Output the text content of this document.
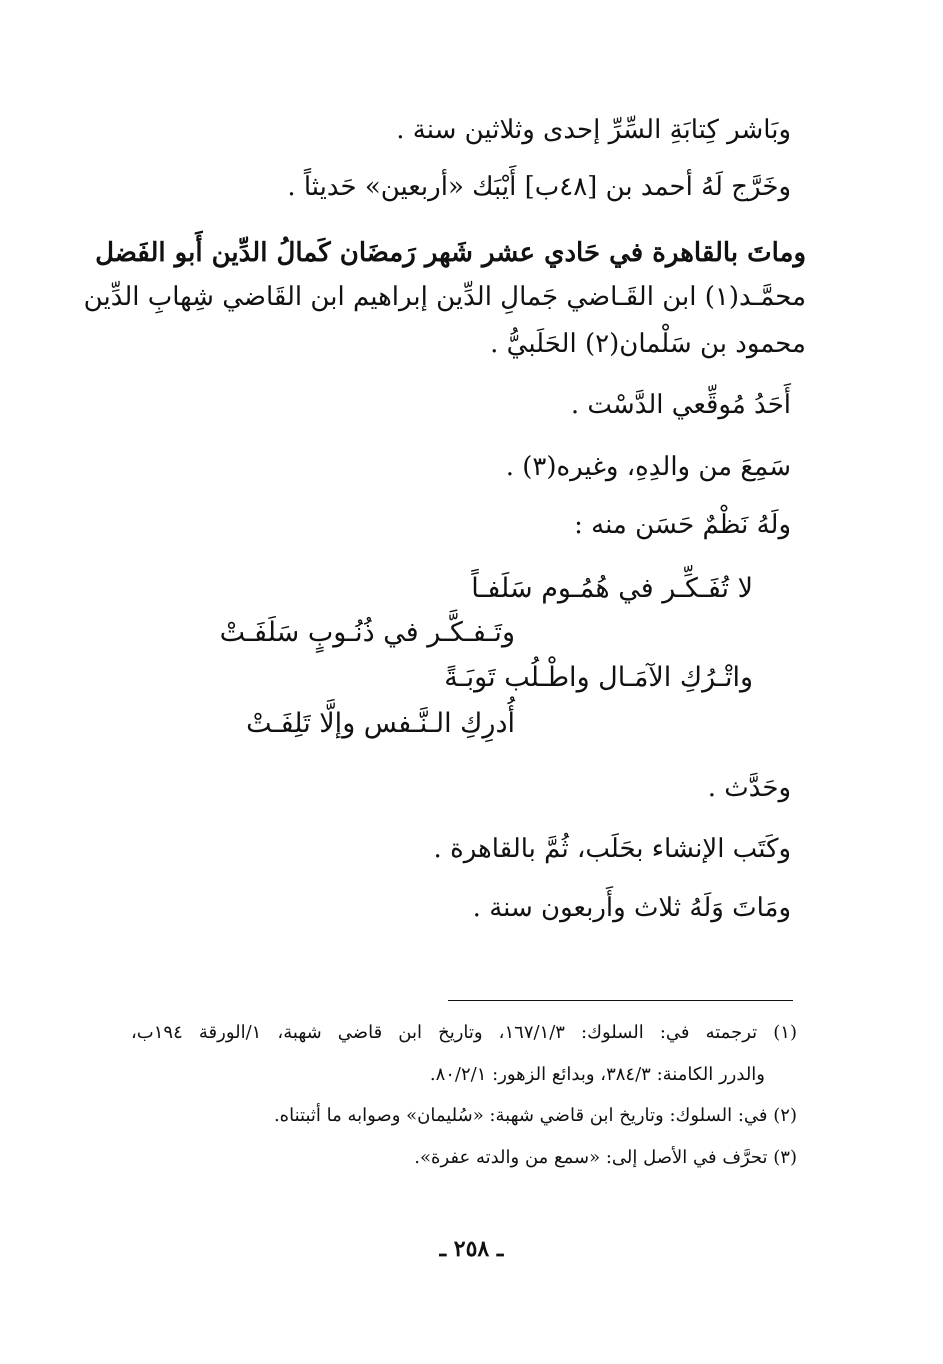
وبَاشر كِتابَةِ السِّرِّ إحدى وثلاثين سنة .
وخَرَّج لَهُ أحمد بن [٤٨ب] أَيْبَك «أربعين» حَديثاً .
وماتَ بالقاهرة في حَادي عشر شَهر رَمضَان كَمالُ الدِّين أَبو الفَضل
محمَّـد(١) ابن القَـاضي جَمالِ الدِّين إبراهيم ابن القَاضي شِهابِ الدِّين
محمود بن سَلْمان(٢) الحَلَبيُّ .
أَحَدُ مُوقِّعي الدَّسْت .
سَمِعَ من والدِهِ، وغيره(٣) .
ولَهُ نَظْمٌ حَسَن منه :
لا تُفَـكِّـر في هُمُـوم سَلَفـاً
وتَـفـكَّـر في ذُنُـوبٍ سَلَفَـتْ
واتْـرُكِ الآمَـال واطْـلُب تَوبَـةً
أُدرِكِ الـنَّـفس وإلَّا تَلِفَـتْ
وحَدَّث .
وكَتَب الإنشاء بحَلَب، ثُمَّ بالقاهرة .
ومَاتَ وَلَهُ ثلاث وأَربعون سنة .
(١) ترجمته في: السلوك: ١٦٧/١/٣، وتاريخ ابن قاضي شهبة، ١/الورقة ١٩٤ب،
والدرر الكامنة: ٣٨٤/٣، وبدائع الزهور: ٨٠/٢/١.
(٢) في: السلوك: وتاريخ ابن قاضي شهبة: «سُليمان» وصوابه ما أثبتناه.
(٣) تحرَّف في الأصل إلى: «سمع من والدته عفرة».
ـ ٢٥٨ ـ
